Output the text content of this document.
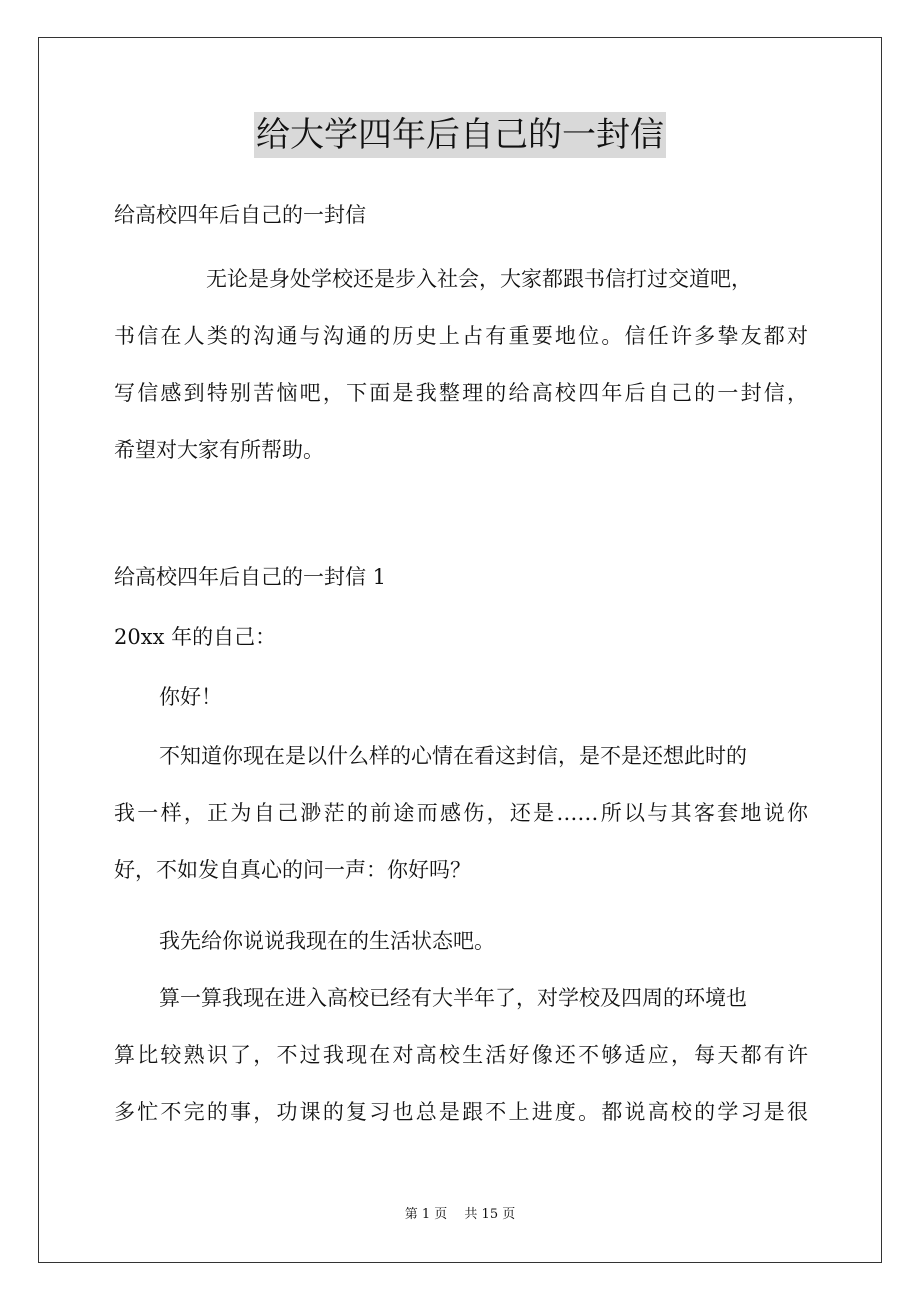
给大学四年后自己的一封信
给高校四年后自己的一封信
无论是身处学校还是步入社会，大家都跟书信打过交道吧，
书信在人类的沟通与沟通的历史上占有重要地位。信任许多挚友都对
写信感到特别苦恼吧，下面是我整理的给高校四年后自己的一封信，
希望对大家有所帮助。
给高校四年后自己的一封信 1
20xx 年的自己：
你好！
不知道你现在是以什么样的心情在看这封信，是不是还想此时的
我一样，正为自己渺茫的前途而感伤，还是……所以与其客套地说你
好，不如发自真心的问一声：你好吗？
我先给你说说我现在的生活状态吧。
算一算我现在进入高校已经有大半年了，对学校及四周的环境也
算比较熟识了，不过我现在对高校生活好像还不够适应，每天都有许
多忙不完的事，功课的复习也总是跟不上进度。都说高校的学习是很
第 1 页　 共 15 页
